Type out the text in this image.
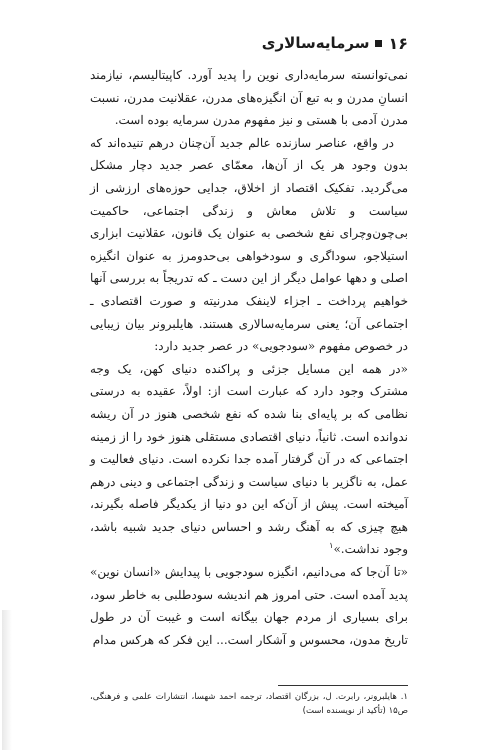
۱۶
سرمایه‌سالاری

نمی‌توانسته سرمایه‌داری نوین را پدید آورد. کاپیتالیسم، نیازمند انسانِ مدرن و به تبع آن انگیزه‌های مدرن، عقلانیت مدرن، نسبت مدرن آدمی با هستی و نیز مفهوم مدرن سرمایه بوده است.

در واقع، عناصر سازنده عالم جدید آن‌چنان درهم تنیده‌اند که بدون وجود هر یک از آن‌ها، معمّای عصر جدید دچار مشکل می‌گردید. تفکیک اقتصاد از اخلاق، جدایی حوزه‌های ارزشی از سیاست و تلاش معاش و زندگی اجتماعی، حاکمیت بی‌چون‌وچرای نفع شخصی به عنوان یک قانون، عقلانیت ابزاری استیلاجو، سوداگری و سودخواهی بی‌حدومرز به عنوان انگیزه اصلی و دهها عوامل دیگر از این دست ـ که تدریجاً به بررسی آنها خواهیم پرداخت ـ اجزاء لاینفک مدرنیته و صورت اقتصادی ـ اجتماعی آن؛ یعنی سرمایه‌سالاری هستند. هایلبرونر بیان زیبایی در خصوص مفهوم «سودجویی» در عصر جدید دارد:

«در همه این مسایل جزئی و پراکنده دنیای کهن، یک وجه مشترک وجود دارد که عبارت است از: اولاً، عقیده به درستی نظامی که بر پایه‌ای بنا شده که نفع شخصی هنوز در آن ریشه ندوانده است. ثانیاً، دنیای اقتصادی مستقلی هنوز خود را از زمینه اجتماعی که در آن گرفتار آمده جدا نکرده است. دنیای فعالیت و عمل، به ناگزیر با دنیای سیاست و زندگی اجتماعی و دینی درهم آمیخته است. پیش از آن‌که این دو دنیا از یکدیگر فاصله بگیرند، هیچ چیزی که به آهنگ رشد و احساس دنیای جدید شبیه باشد، وجود نداشت.»$^۱$

«تا آن‌جا که می‌دانیم، انگیزه سودجویی با پیدایش «انسان نوین» پدید آمده است. حتی امروز هم اندیشه سودطلبی به خاطر سود، برای بسیاری از مردم جهان بیگانه است و غیبت آن در طول تاریخ مدون، محسوس و آشکار است... این فکر که هرکس مدام

۱. هایلبرونر، رابرت. ل، بزرگان اقتصاد، ترجمه احمد شهسا، انتشارات علمی و فرهنگی، ص۱۵ (تأکید از نویسنده است)
